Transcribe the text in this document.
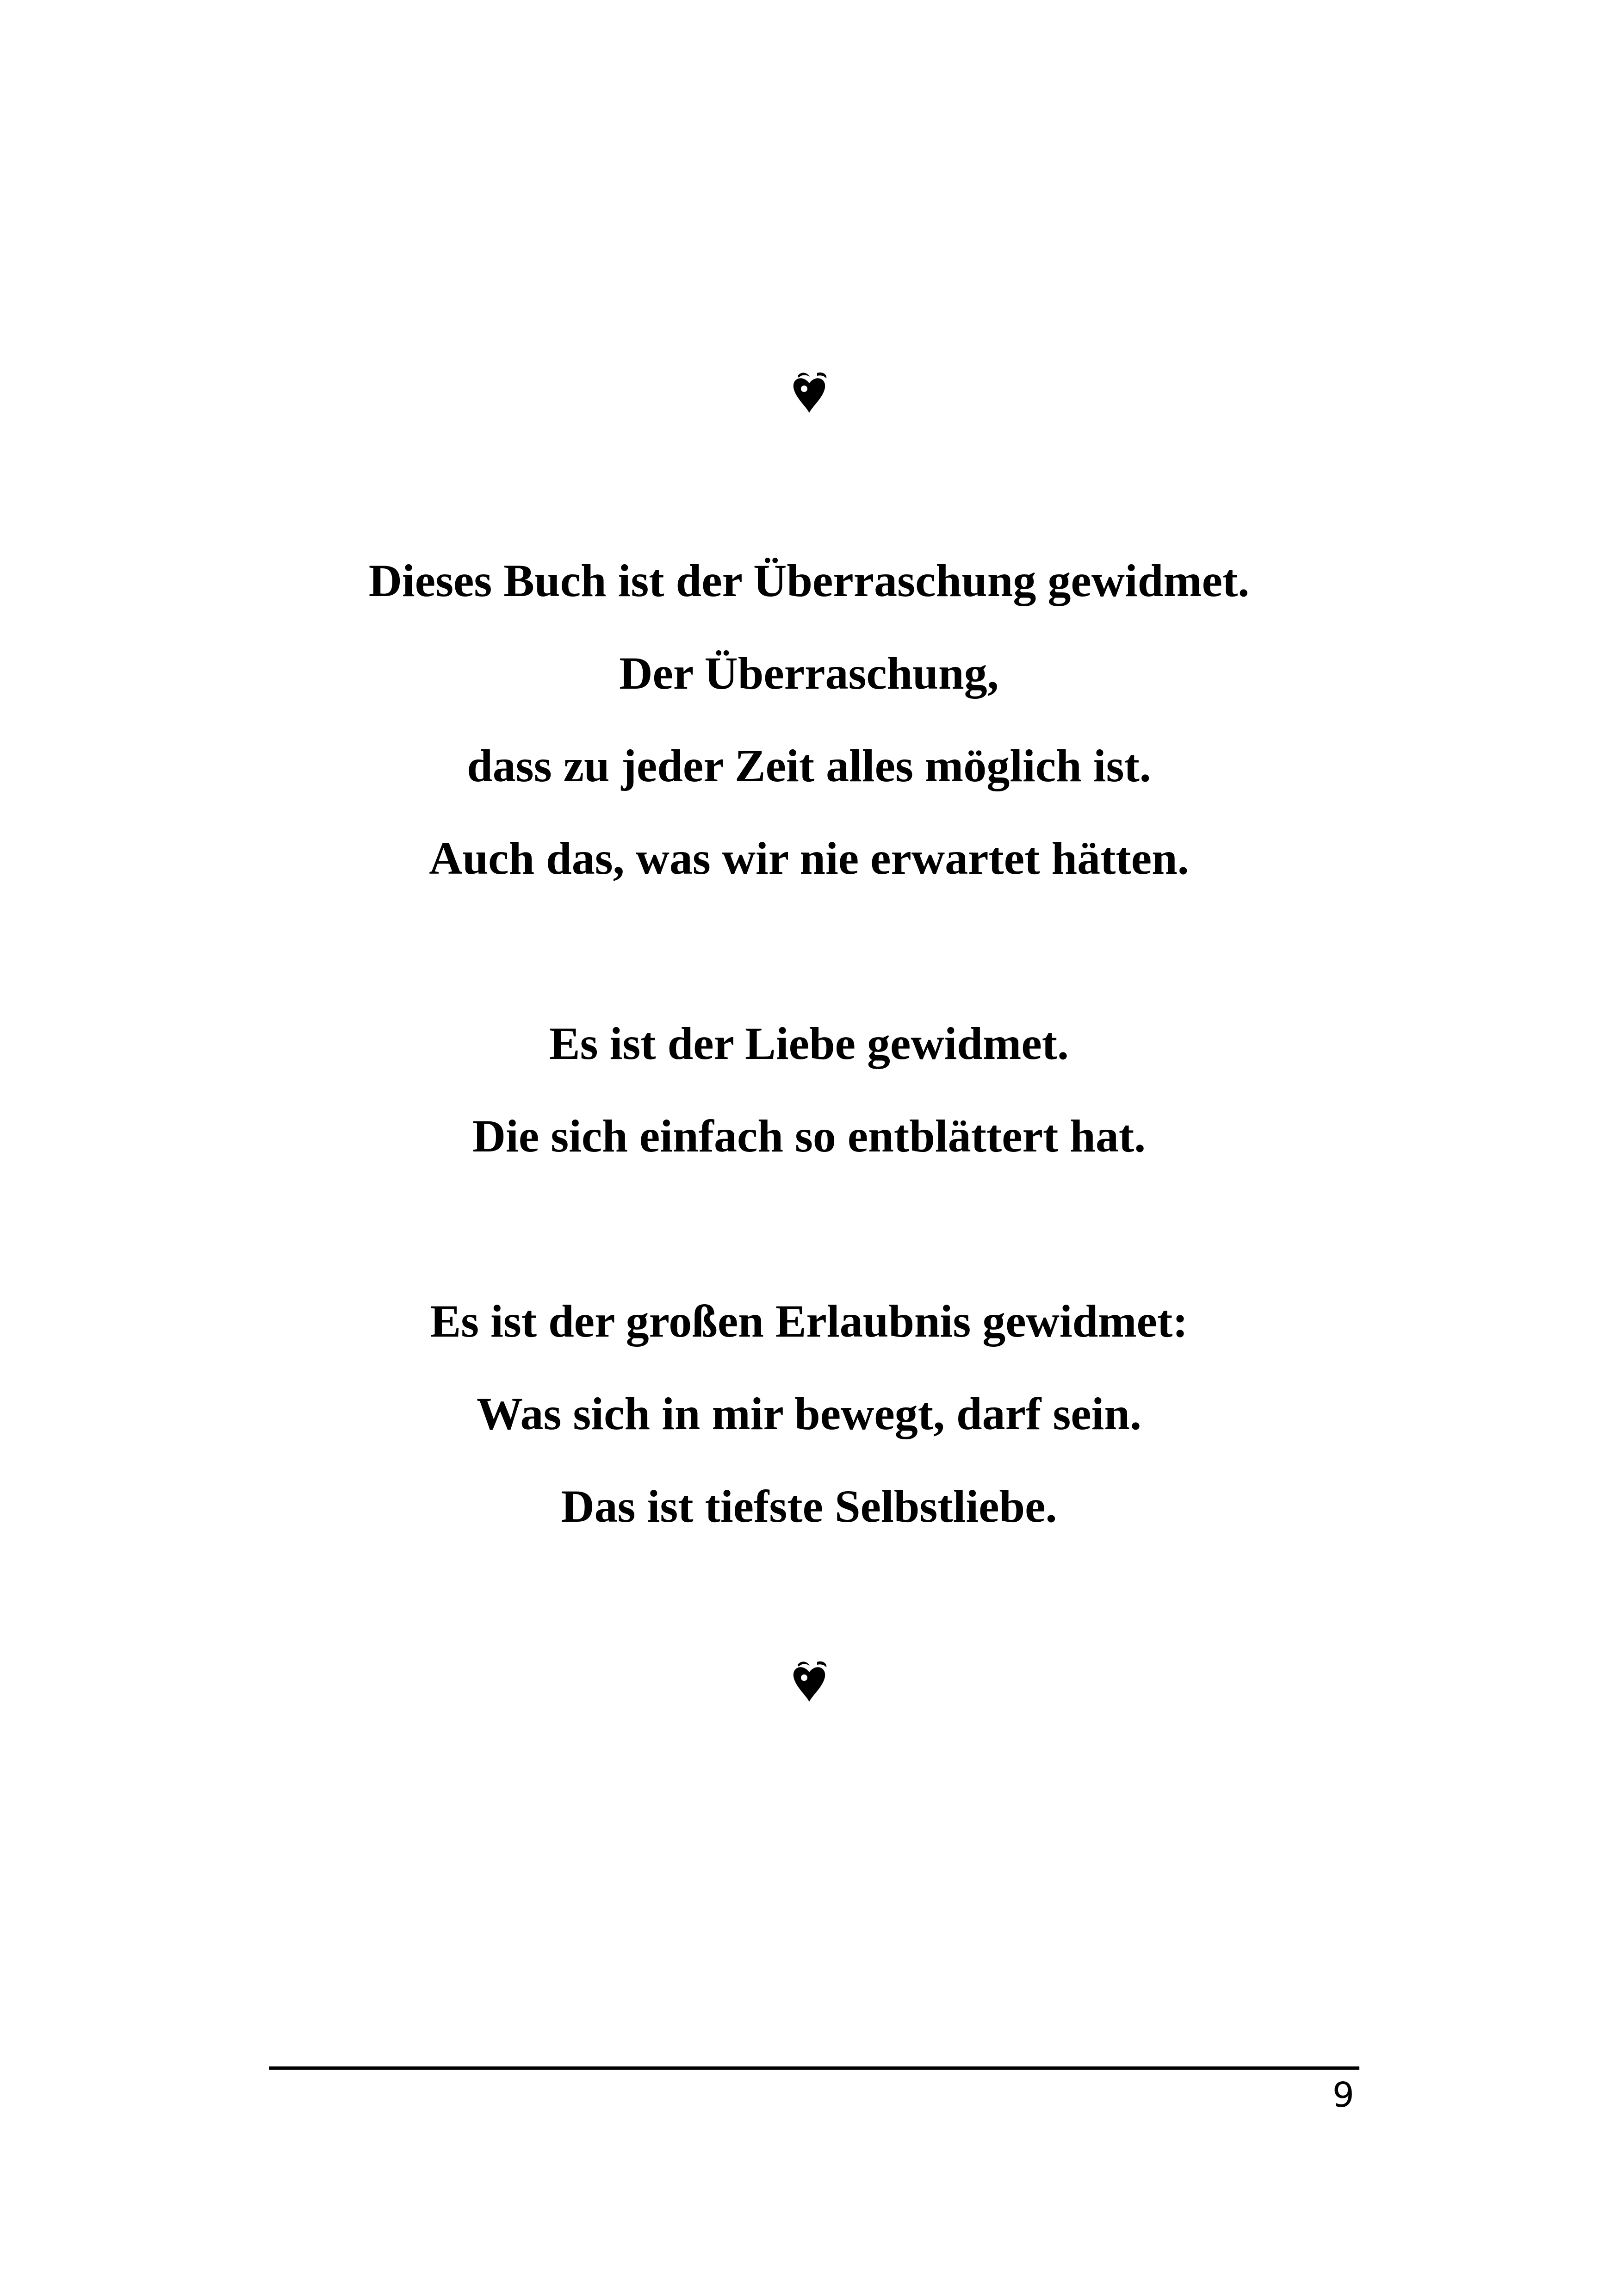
Dieses Buch ist der Überraschung gewidmet.
Der Überraschung,
dass zu jeder Zeit alles möglich ist.
Auch das, was wir nie erwartet hätten.
Es ist der Liebe gewidmet.
Die sich einfach so entblättert hat.
Es ist der großen Erlaubnis gewidmet:
Was sich in mir bewegt, darf sein.
Das ist tiefste Selbstliebe.
9
